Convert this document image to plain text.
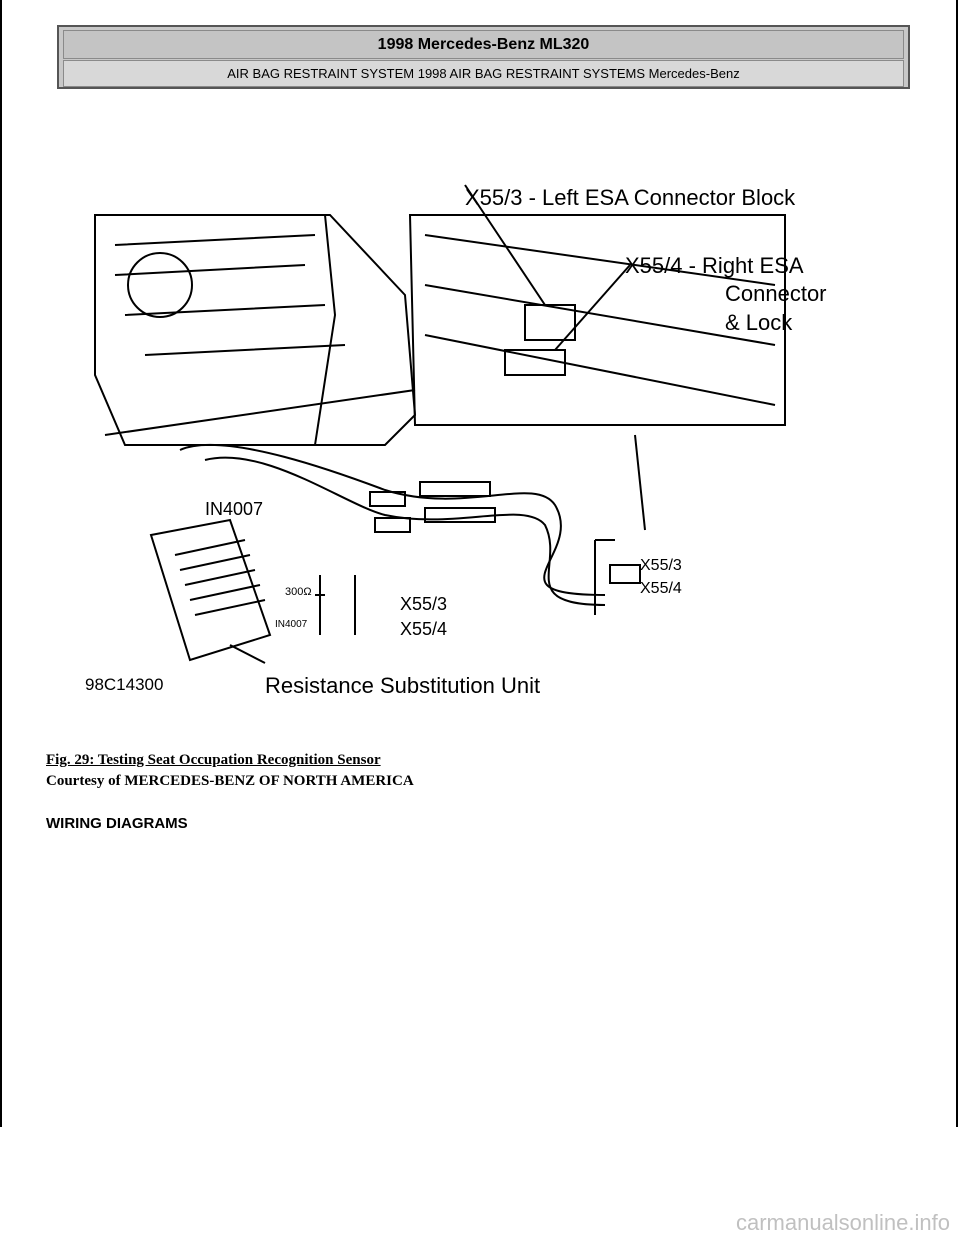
1998 Mercedes-Benz ML320
AIR BAG RESTRAINT SYSTEM 1998 AIR BAG RESTRAINT SYSTEMS Mercedes-Benz
X55/3 - Left ESA Connector Block
X55/4 - Right ESA
Connector
& Lock
IN4007
X55/3
X55/4
X55/3
X55/4
300Ω
IN4007
98C14300	Resistance Substitution Unit
Fig. 29: Testing Seat Occupation Recognition Sensor
Courtesy of MERCEDES-BENZ OF NORTH AMERICA
WIRING DIAGRAMS
carmanualsonline.info
